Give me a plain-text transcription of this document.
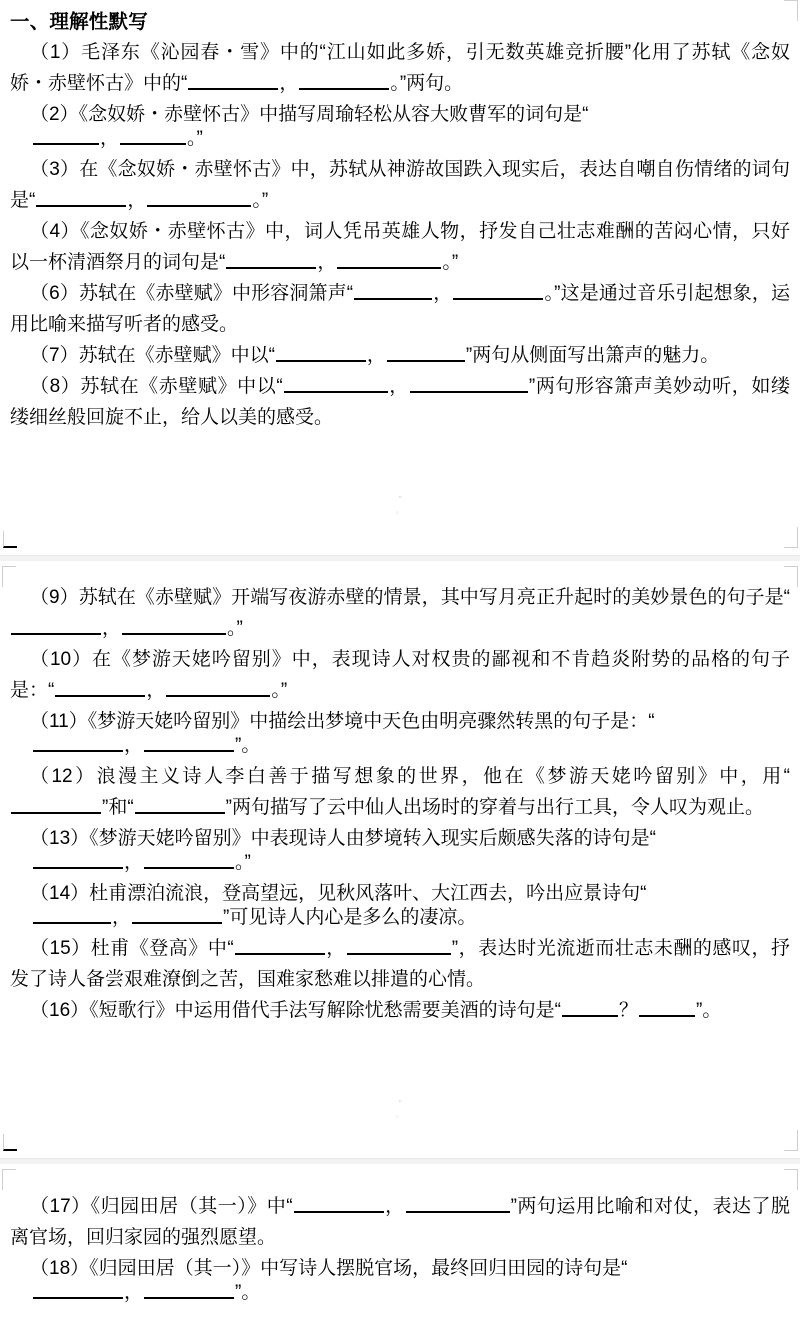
一、理解性默写

（1）毛泽东《沁园春・雪》中的“江山如此多娇，引无数英雄竞折腰”化用了苏轼《念奴娇・赤壁怀古》中的“	，	。”两句。

（2）《念奴娇・赤壁怀古》中描写周瑜轻松从容大败曹军的词句是“
，	。”

（3）在《念奴娇・赤壁怀古》中，苏轼从神游故国跌入现实后，表达自嘲自伤情绪的词句是“	，	。”

（4）《念奴娇・赤壁怀古》中，词人凭吊英雄人物，抒发自己壮志难酬的苦闷心情，只好以一杯清酒祭月的词句是“	，	。”

（6）苏轼在《赤壁赋》中形容洞箫声“	，	。”这是通过音乐引起想象，运用比喻来描写听者的感受。

（7）苏轼在《赤壁赋》中以“	，	”两句从侧面写出箫声的魅力。

（8）苏轼在《赤壁赋》中以“	，	”两句形容箫声美妙动听，如缕缕细丝般回旋不止，给人以美的感受。

”
。

（9）苏轼在《赤壁赋》开端写夜游赤壁的情景，其中写月亮正升起时的美妙景色的句子是“，	。”

（10）在《梦游天姥吟留别》中，表现诗人对权贵的鄙视和不肯趋炎附势的品格的句子是：“	，	。”

（11）《梦游天姥吟留别》中描绘出梦境中天色由明亮骤然转黑的句子是：“
，	”。

（12）浪漫主义诗人李白善于描写想象的世界，他在《梦游天姥吟留别》中，用“”和“	”两句描写了云中仙人出场时的穿着与出行工具，令人叹为观止。

（13）《梦游天姥吟留别》中表现诗人由梦境转入现实后颇感失落的诗句是“
，	。”

（14）杜甫漂泊流浪，登高望远，见秋风落叶、大江西去，吟出应景诗句“
，	”可见诗人内心是多么的凄凉。

（15）杜甫《登高》中“	，	”，表达时光流逝而壮志未酬的感叹，抒发了诗人备尝艰难潦倒之苦，国难家愁难以排遣的心情。

（16）《短歌行》中运用借代手法写解除忧愁需要美酒的诗句是“	？	”。

”
。

（17）《归园田居（其一）》中“	，	”两句运用比喻和对仗，表达了脱离官场，回归家园的强烈愿望。

（18）《归园田居（其一）》中写诗人摆脱官场，最终回归田园的诗句是“
，	”。
